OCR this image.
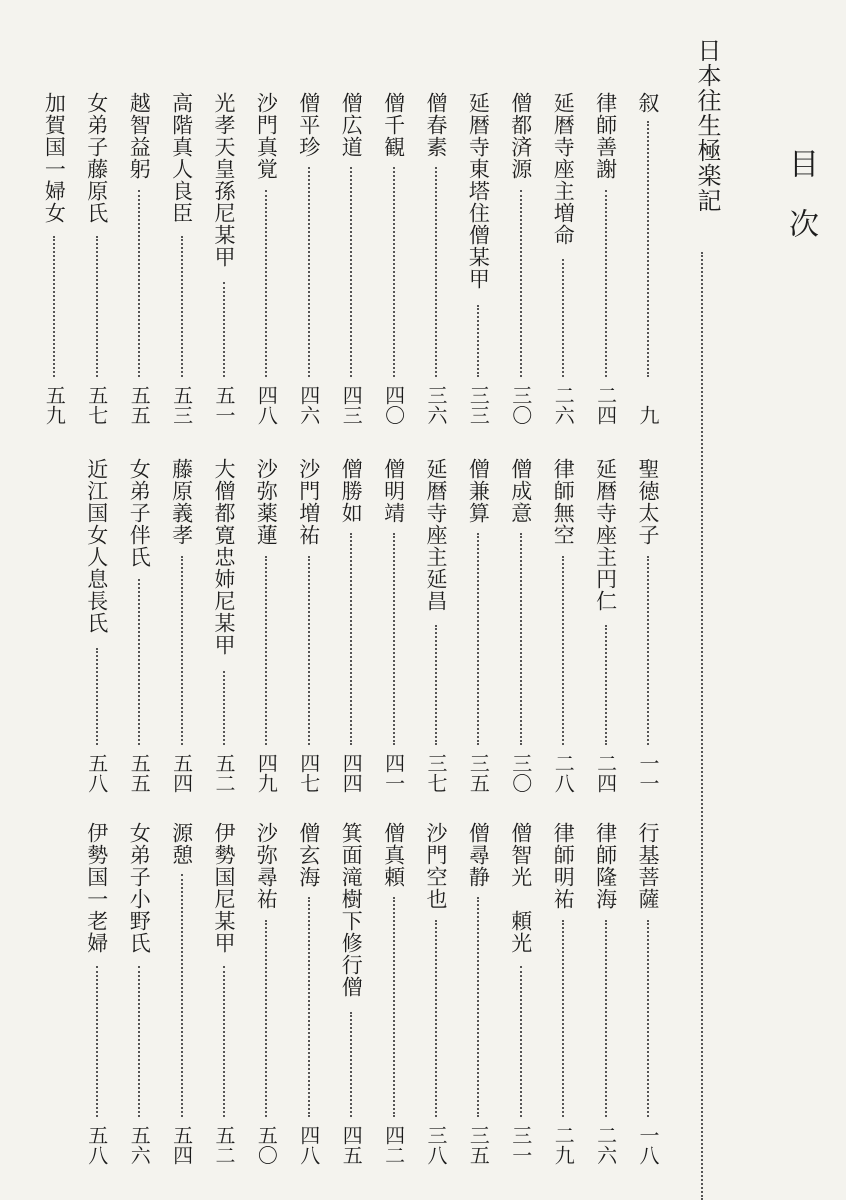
目　次
日本往生極楽記
叙
九
律師善謝
二四
延暦寺座主増命
二六
僧都済源
三〇
延暦寺東塔住僧某甲
三三
僧春素
三六
僧千観
四〇
僧広道
四三
僧平珍
四六
沙門真覚
四八
光孝天皇孫尼某甲
五一
高階真人良臣
五三
越智益躬
五五
女弟子藤原氏
五七
加賀国一婦女
五九
聖徳太子
一一
延暦寺座主円仁
二四
律師無空
二八
僧成意
三〇
僧兼算
三五
延暦寺座主延昌
三七
僧明靖
四一
僧勝如
四四
沙門増祐
四七
沙弥薬蓮
四九
大僧都寛忠姉尼某甲
五二
藤原義孝
五四
女弟子伴氏
五五
近江国女人息長氏
五八
行基菩薩
一八
律師隆海
二六
律師明祐
二九
僧智光　頼光
三一
僧尋静
三五
沙門空也
三八
僧真頼
四二
箕面滝樹下修行僧
四五
僧玄海
四八
沙弥尋祐
五〇
伊勢国尼某甲
五二
源憩
五四
女弟子小野氏
五六
伊勢国一老婦
五八
